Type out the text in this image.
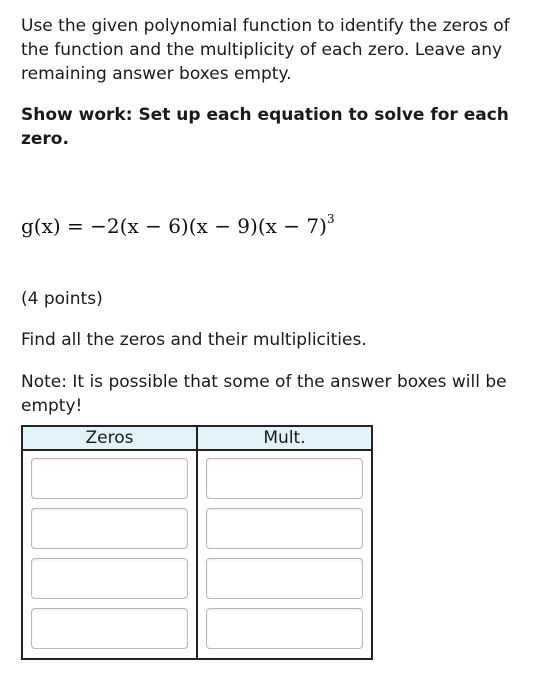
Use the given polynomial function to identify the zeros of the function and the multiplicity of each zero. Leave any remaining answer boxes empty.

Show work: Set up each equation to solve for each zero.

$g(x) = -2(x - 6)(x - 9)(x - 7)^3$
(4 points)
Find all the zeros and their multiplicities.
Note: It is possible that some of the answer boxes will be empty!
Zeros	Mult.
